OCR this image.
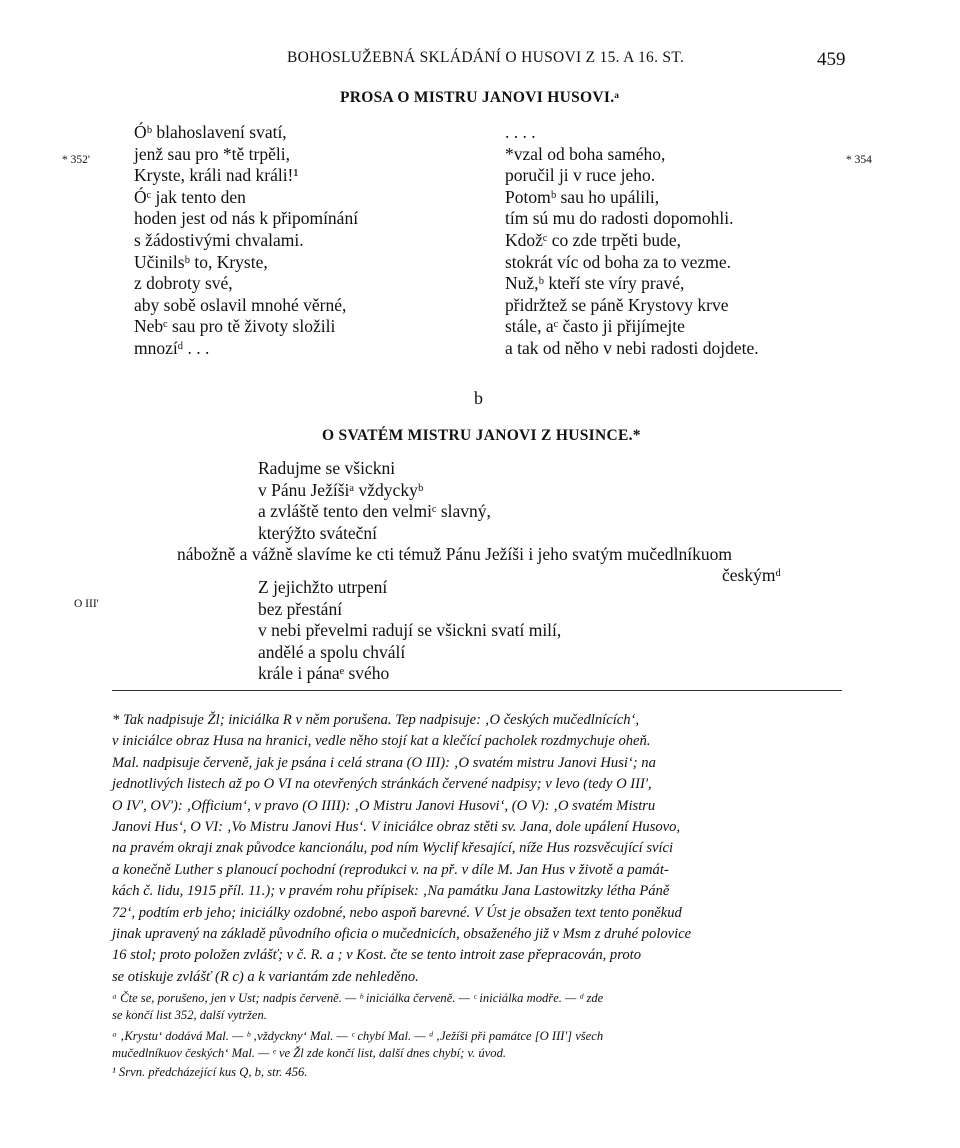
BOHOSLUŽEBNÁ SKLÁDÁNÍ O HUSOVI Z 15. A 16. ST.	459
PROSA O MISTRU JANOVI HUSOVI.ᵃ
* 352'	* 354
Óᵇ blahoslavení svatí,
jenž sau pro *tě trpěli,
Kryste, králi nad králi!¹
Óᶜ jak tento den
hoden jest od nás k připomínání
s žádostivými chvalami.
Učinilsᵇ to, Kryste,
z dobroty své,
aby sobě oslavil mnohé věrné,
Nebᶜ sau pro tě životy složili
mnozíᵈ . . .
. . . .
*vzal od boha samého,
poručil ji v ruce jeho.
Potomᵇ sau ho upálili,
tím sú mu do radosti dopomohli.
Kdožᶜ co zde trpěti bude,
stokrát víc od boha za to vezme.
Nuž,ᵇ kteří ste víry pravé,
přidržtež se páně Krystovy krve
stále, aᶜ často ji přijímejte
a tak od něho v nebi radosti dojdete.
b
O SVATÉM MISTRU JANOVI Z HUSINCE.*
Radujme se všickni
v Pánu Ježíšiᵃ vždyckyᵇ
a zvláště tento den velmiᶜ slavný,
kterýžto sváteční
nábožně a vážně slavíme ke cti témuž Pánu Ježíši i jeho svatým mučedlníkuom
českýmᵈ
O III'
Z jejichžto utrpení
bez přestání
v nebi převelmi radují se všickni svatí milí,
andělé a spolu chválí
krále i pánaᵉ svého
* Tak nadpisuje Žl; iniciálka R v něm porušena. Tep nadpisuje: ‚O českých mučedlnících‘,
v iniciálce obraz Husa na hranici, vedle něho stojí kat a klečící pacholek rozdmychuje oheň.
Mal. nadpisuje červeně, jak je psána i celá strana (O III): ‚O svatém mistru Janovi Husi‘; na
jednotlivých listech až po O VI na otevřených stránkách červené nadpisy; v levo (tedy O III',
O IV', OV'): ‚Officium‘, v pravo (O IIII): ‚O Mistru Janovi Husovi‘, (O V): ‚O svatém Mistru
Janovi Hus‘, O VI: ‚Vo Mistru Janovi Hus‘. V iniciálce obraz stěti sv. Jana, dole upálení Husovo,
na pravém okraji znak původce kancionálu, pod ním Wyclif křesající, níže Hus rozsvěcující svíci
a konečně Luther s planoucí pochodní (reprodukci v. na př. v díle M. Jan Hus v životě a památ-
kách č. lidu, 1915 příl. 11.); v pravém rohu přípisek: ‚Na památku Jana Lastowitzky létha Páně
72‘, podtím erb jeho; iniciálky ozdobné, nebo aspoň barevné. V Úst je obsažen text tento poněkud
jinak upravený na základě původního oficia o mučednicích, obsaženého již v Msm z druhé polovice
16 stol; proto položen zvlášť; v č. R. a ; v Kost. čte se tento introit zase přepracován, proto
se otiskuje zvlášť (R c) a k variantám zde nehleděno.
ᵃ Čte se, porušeno, jen v Ust; nadpis červeně. — ᵇ iniciálka červeně. — ᶜ iniciálka modře. — ᵈ zde
se končí list 352, další vytržen.
ᵃ ‚Krystu‘ dodává Mal. — ᵇ ‚vždyckny‘ Mal. — ᶜ chybí Mal. — ᵈ ‚Ježíši při památce [O III'] všech
mučedlníkuov českých‘ Mal. — ᵉ ve Žl zde končí list, další dnes chybí; v. úvod.
¹ Srvn. předcházející kus Q, b, str. 456.
